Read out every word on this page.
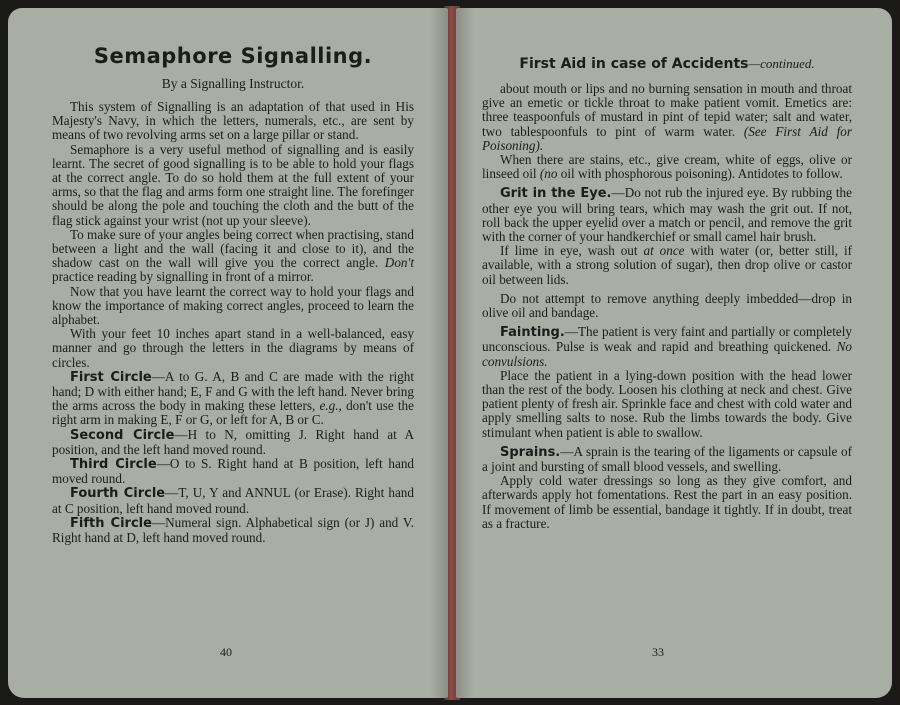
Semaphore Signalling.
By a Signalling Instructor.

This system of Signalling is an adaptation of that used in His Majesty's Navy, in which the letters, numerals, etc., are sent by means of two revolving arms set on a large pillar or stand.

Semaphore is a very useful method of signalling and is easily learnt. The secret of good signalling is to be able to hold your flags at the correct angle. To do so hold them at the full extent of your arms, so that the flag and arms form one straight line. The forefinger should be along the pole and touching the cloth and the butt of the flag stick against your wrist (not up your sleeve).

To make sure of your angles being correct when practising, stand between a light and the wall (facing it and close to it), and the shadow cast on the wall will give you the correct angle. Don't practice reading by signalling in front of a mirror.

Now that you have learnt the correct way to hold your flags and know the importance of making correct angles, proceed to learn the alphabet.

With your feet 10 inches apart stand in a well-balanced, easy manner and go through the letters in the diagrams by means of circles.

First Circle—A to G. A, B and C are made with the right hand; D with either hand; E, F and G with the left hand. Never bring the arms across the body in making these letters, e.g., don't use the right arm in making E, F or G, or left for A, B or C.

Second Circle—H to N, omitting J. Right hand at A position, and the left hand moved round.

Third Circle—O to S. Right hand at B position, left hand moved round.

Fourth Circle—T, U, Y and ANNUL (or Erase). Right hand at C position, left hand moved round.

Fifth Circle—Numeral sign. Alphabetical sign (or J) and V. Right hand at D, left hand moved round.

40
First Aid in case of Accidents—continued.

about mouth or lips and no burning sensation in mouth and throat give an emetic or tickle throat to make patient vomit. Emetics are: three teaspoonfuls of mustard in pint of tepid water; salt and water, two tablespoonfuls to pint of warm water. (See First Aid for Poisoning).

When there are stains, etc., give cream, white of eggs, olive or linseed oil (no oil with phosphorous poisoning). Antidotes to follow.

Grit in the Eye.—Do not rub the injured eye. By rubbing the other eye you will bring tears, which may wash the grit out. If not, roll back the upper eyelid over a match or pencil, and remove the grit with the corner of your handkerchief or small camel hair brush.

If lime in eye, wash out at once with water (or, better still, if available, with a strong solution of sugar), then drop olive or castor oil between lids.

Do not attempt to remove anything deeply imbedded—drop in olive oil and bandage.

Fainting.—The patient is very faint and partially or completely unconscious. Pulse is weak and rapid and breathing quickened. No convulsions.

Place the patient in a lying-down position with the head lower than the rest of the body. Loosen his clothing at neck and chest. Give patient plenty of fresh air. Sprinkle face and chest with cold water and apply smelling salts to nose. Rub the limbs towards the body. Give stimulant when patient is able to swallow.

Sprains.—A sprain is the tearing of the ligaments or capsule of a joint and bursting of small blood vessels, and swelling.

Apply cold water dressings so long as they give comfort, and afterwards apply hot fomentations. Rest the part in an easy position. If movement of limb be essential, bandage it tightly. If in doubt, treat as a fracture.

33
